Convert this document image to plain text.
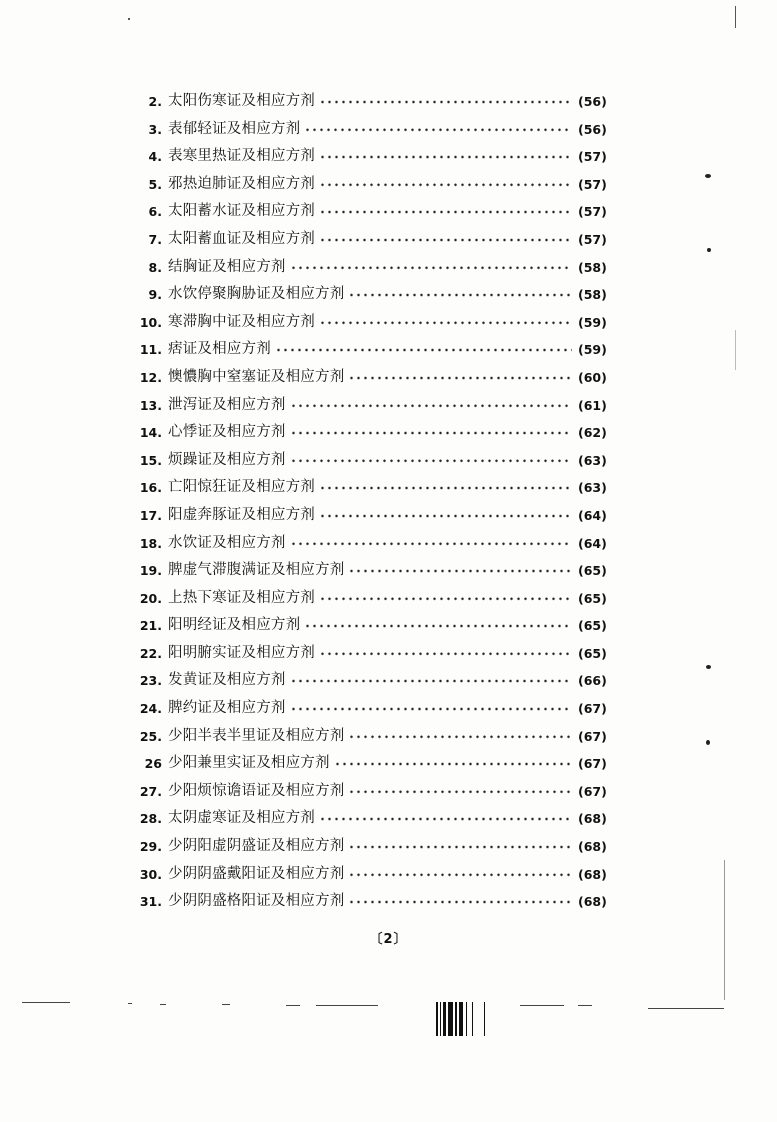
2. 太阳伤寒证及相应方剂	(56)
3. 表郁轻证及相应方剂	(56)
4. 表寒里热证及相应方剂	(57)
5. 邪热迫肺证及相应方剂	(57)
6. 太阳蓄水证及相应方剂	(57)
7. 太阳蓄血证及相应方剂	(57)
8. 结胸证及相应方剂	(58)
9. 水饮停聚胸胁证及相应方剂	(58)
10. 寒滞胸中证及相应方剂	(59)
11. 痞证及相应方剂	(59)
12. 懊憹胸中窒塞证及相应方剂	(60)
13. 泄泻证及相应方剂	(61)
14. 心悸证及相应方剂	(62)
15. 烦躁证及相应方剂	(63)
16. 亡阳惊狂证及相应方剂	(63)
17. 阳虚奔豚证及相应方剂	(64)
18. 水饮证及相应方剂	(64)
19. 脾虚气滞腹满证及相应方剂	(65)
20. 上热下寒证及相应方剂	(65)
21. 阳明经证及相应方剂	(65)
22. 阳明腑实证及相应方剂	(65)
23. 发黄证及相应方剂	(66)
24. 脾约证及相应方剂	(67)
25. 少阳半表半里证及相应方剂	(67)
26 少阳兼里实证及相应方剂	(67)
27. 少阳烦惊谵语证及相应方剂	(67)
28. 太阴虚寒证及相应方剂	(68)
29. 少阴阳虚阴盛证及相应方剂	(68)
30. 少阴阴盛戴阳证及相应方剂	(68)
31. 少阴阴盛格阳证及相应方剂	(68)
〔2〕
